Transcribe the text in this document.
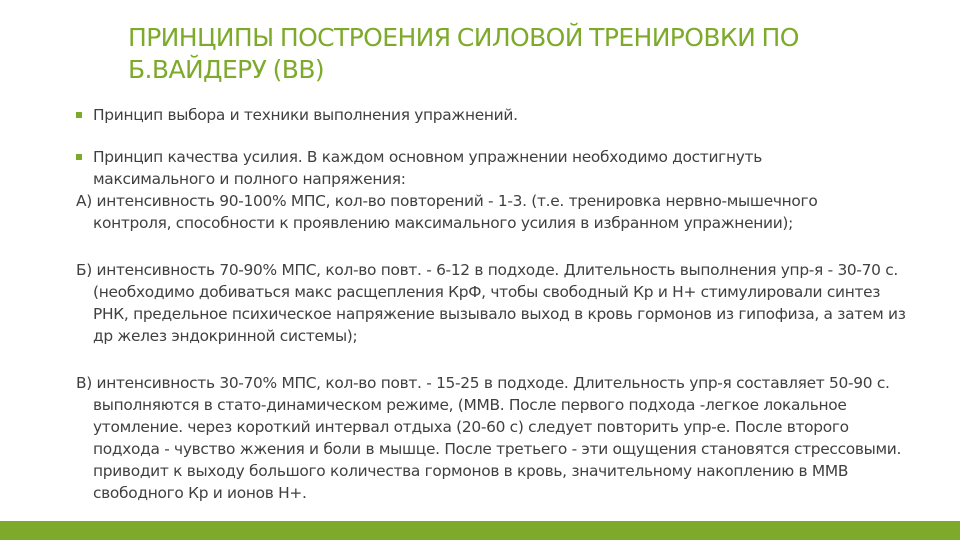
ПРИНЦИПЫ ПОСТРОЕНИЯ СИЛОВОЙ ТРЕНИРОВКИ ПО Б.ВАЙДЕРУ (ВВ)
Принцип выбора и техники выполнения упражнений.
Принцип качества усилия. В каждом основном упражнении необходимо достигнуть
максимального и полного напряжения:
А) интенсивность 90-100% МПС, кол-во повторений - 1-3. (т.е. тренировка нервно-мышечного
контроля, способности к проявлению максимального усилия в избранном упражнении);
Б) интенсивность 70-90% МПС, кол-во повт. - 6-12 в подходе. Длительность выполнения упр-я - 30-70 с. (необходимо добиваться макс расщепления КрФ, чтобы свободный Кр и Н+ стимулировали синтез РНК, предельное психическое напряжение вызывало выход в кровь гормонов из гипофиза, а затем из др желез эндокринной системы);
В) интенсивность 30-70% МПС, кол-во повт. - 15-25 в подходе. Длительность упр-я составляет 50-90 с. выполняются в стато-динамическом режиме, (ММВ. После первого подхода -легкое локальное утомление. через короткий интервал отдыха (20-60 с) следует повторить упр-е. После второго подхода - чувство жжения и боли в мышце. После третьего - эти ощущения становятся стрессовыми. приводит к выходу большого количества гормонов в кровь, значительному накоплению в ММВ свободного Кр и ионов Н+.
